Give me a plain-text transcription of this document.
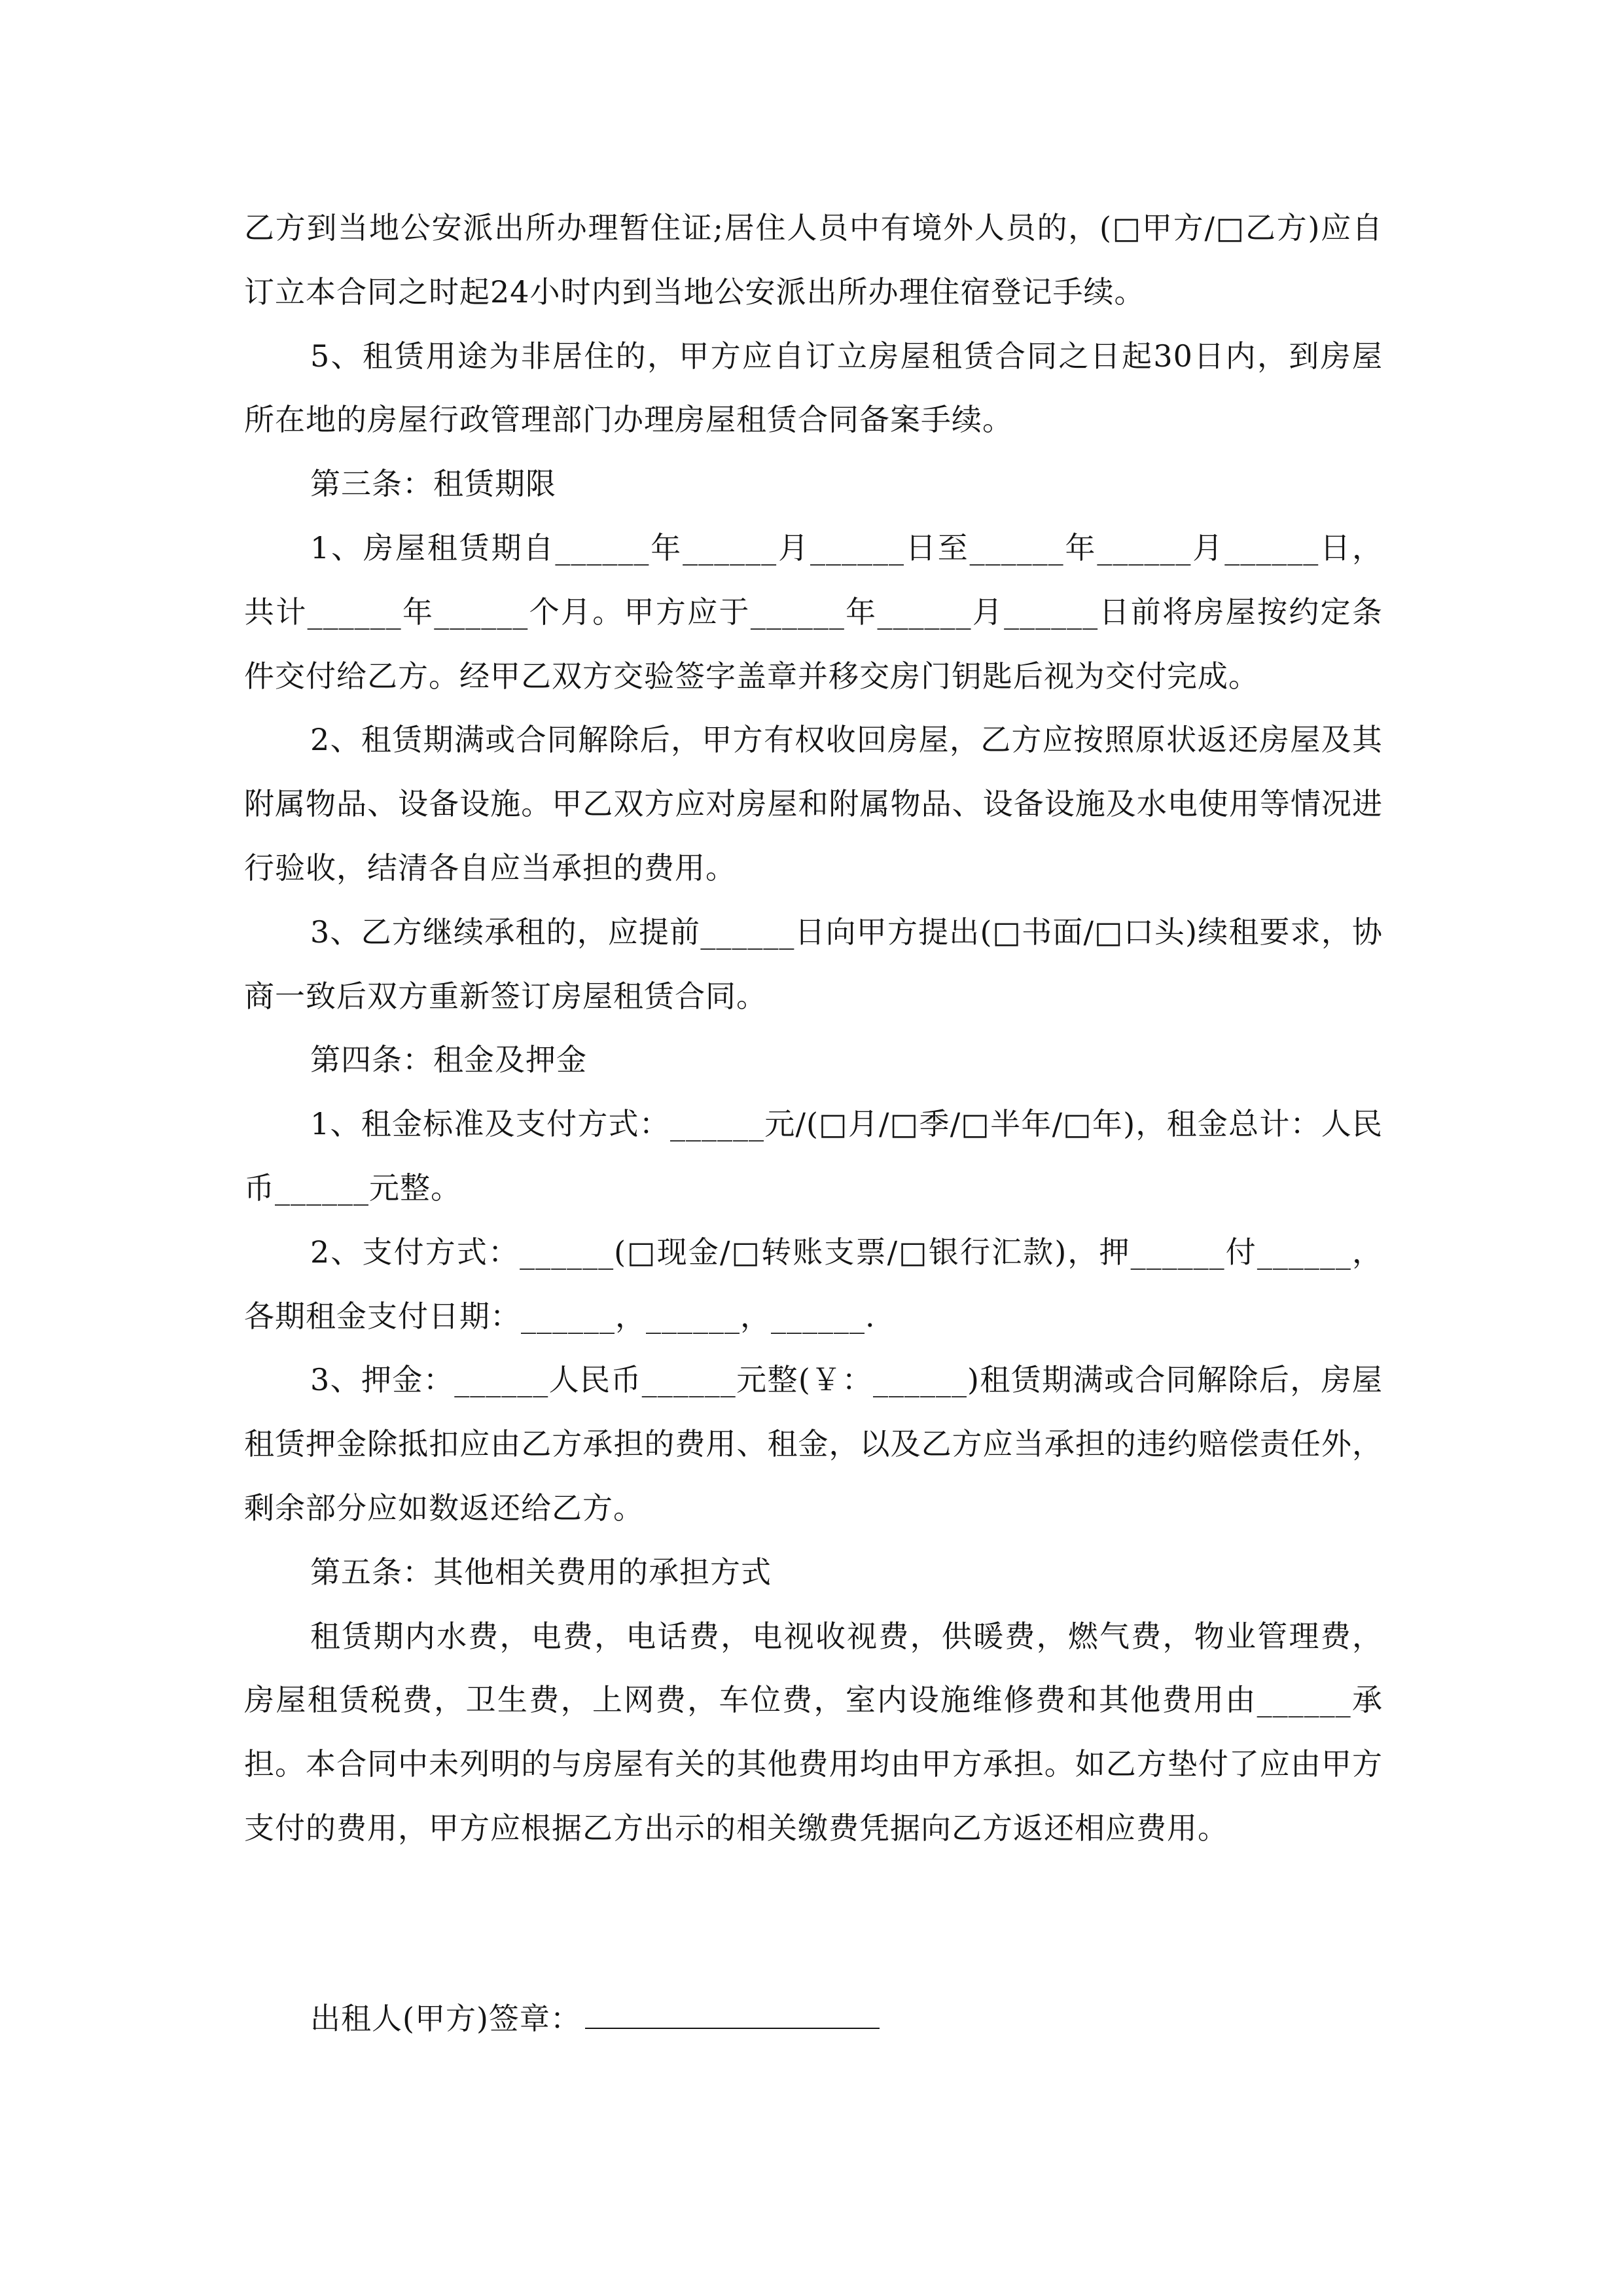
乙方到当地公安派出所办理暂住证;居住人员中有境外人员的，(□甲方/□乙方)应自订立本合同之时起24小时内到当地公安派出所办理住宿登记手续。

5、租赁用途为非居住的，甲方应自订立房屋租赁合同之日起30日内，到房屋所在地的房屋行政管理部门办理房屋租赁合同备案手续。

第三条：租赁期限

1、房屋租赁期自______年______月______日至______年______月______日，共计______年______个月。甲方应于______年______月______日前将房屋按约定条件交付给乙方。经甲乙双方交验签字盖章并移交房门钥匙后视为交付完成。

2、租赁期满或合同解除后，甲方有权收回房屋，乙方应按照原状返还房屋及其附属物品、设备设施。甲乙双方应对房屋和附属物品、设备设施及水电使用等情况进行验收，结清各自应当承担的费用。

3、乙方继续承租的，应提前______日向甲方提出(□书面/□口头)续租要求，协商一致后双方重新签订房屋租赁合同。

第四条：租金及押金

1、租金标准及支付方式：______元/(□月/□季/□半年/□年)，租金总计：人民币______元整。

2、支付方式：______(□现金/□转账支票/□银行汇款)，押______付______，各期租金支付日期：______，______，______.

3、押金：______人民币______元整(￥：______)租赁期满或合同解除后，房屋租赁押金除抵扣应由乙方承担的费用、租金，以及乙方应当承担的违约赔偿责任外，剩余部分应如数返还给乙方。

第五条：其他相关费用的承担方式

租赁期内水费，电费，电话费，电视收视费，供暖费，燃气费，物业管理费，房屋租赁税费，卫生费，上网费，车位费，室内设施维修费和其他费用由______承担。本合同中未列明的与房屋有关的其他费用均由甲方承担。如乙方垫付了应由甲方支付的费用，甲方应根据乙方出示的相关缴费凭据向乙方返还相应费用。

出租人(甲方)签章：
